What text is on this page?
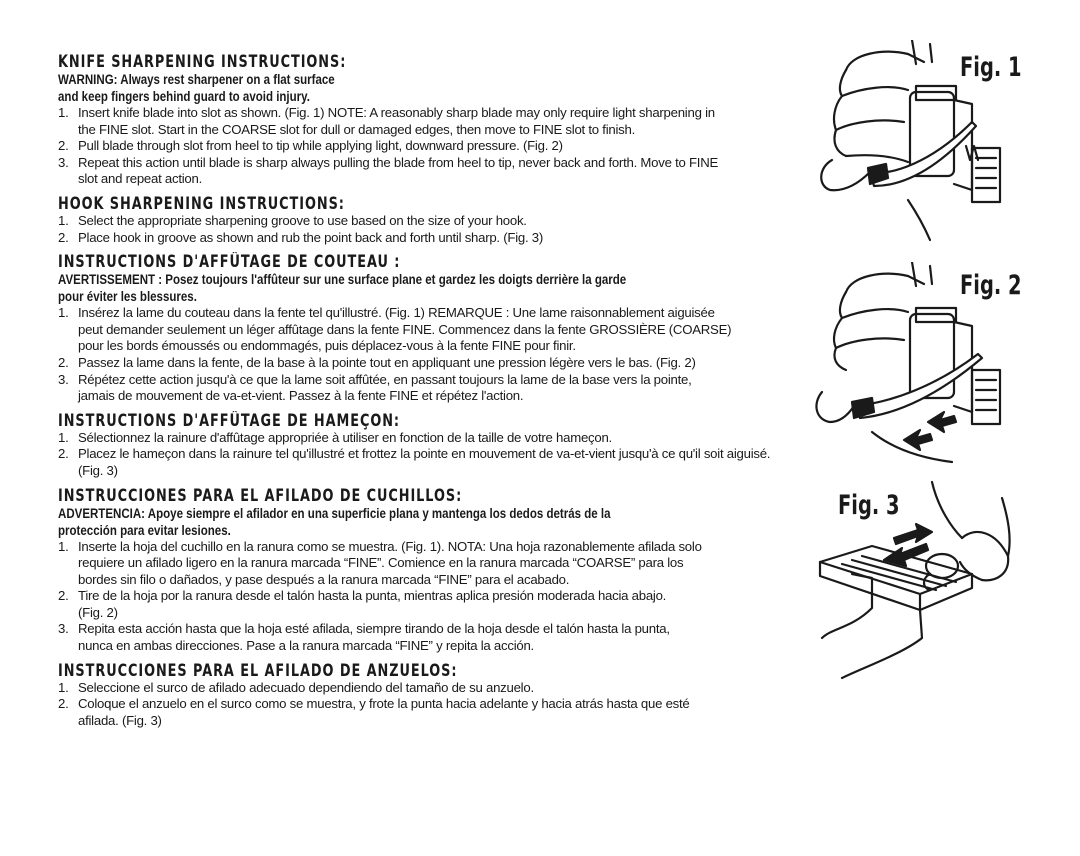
KNIFE SHARPENING INSTRUCTIONS:
WARNING: Always rest sharpener on a flat surface
and keep fingers behind guard to avoid injury.
1. Insert knife blade into slot as shown. (Fig. 1) NOTE: A reasonably sharp blade may only require light sharpening in
the FINE slot. Start in the COARSE slot for dull or damaged edges, then move to FINE slot to finish.
2. Pull blade through slot from heel to tip while applying light, downward pressure. (Fig. 2)
3. Repeat this action until blade is sharp always pulling the blade from heel to tip, never back and forth. Move to FINE
slot and repeat action.
HOOK SHARPENING INSTRUCTIONS:
1. Select the appropriate sharpening groove to use based on the size of your hook.
2. Place hook in groove as shown and rub the point back and forth until sharp. (Fig. 3)
INSTRUCTIONS D'AFFÛTAGE DE COUTEAU :
AVERTISSEMENT : Posez toujours l'affûteur sur une surface plane et gardez les doigts derrière la garde
pour éviter les blessures.
1. Insérez la lame du couteau dans la fente tel qu'illustré. (Fig. 1) REMARQUE : Une lame raisonnablement aiguisée
peut demander seulement un léger affûtage dans la fente FINE. Commencez dans la fente GROSSIÈRE (COARSE)
pour les bords émoussés ou endommagés, puis déplacez-vous à la fente FINE pour finir.
2. Passez la lame dans la fente, de la base à la pointe tout en appliquant une pression légère vers le bas. (Fig. 2)
3. Répétez cette action jusqu'à ce que la lame soit affûtée, en passant toujours la lame de la base vers la pointe,
jamais de mouvement de va-et-vient. Passez à la fente FINE et répétez l'action.
INSTRUCTIONS D'AFFÛTAGE DE HAMEÇON:
1. Sélectionnez la rainure d'affûtage appropriée à utiliser en fonction de la taille de votre hameçon.
2. Placez le hameçon dans la rainure tel qu'illustré et frottez la pointe en mouvement de va-et-vient jusqu'à ce qu'il soit aiguisé.
(Fig. 3)
INSTRUCCIONES PARA EL AFILADO DE CUCHILLOS:
ADVERTENCIA: Apoye siempre el afilador en una superficie plana y mantenga los dedos detrás de la
protección para evitar lesiones.
1. Inserte la hoja del cuchillo en la ranura como se muestra. (Fig. 1). NOTA: Una hoja razonablemente afilada solo
requiere un afilado ligero en la ranura marcada “FINE”. Comience en la ranura marcada “COARSE” para los
bordes sin filo o dañados, y pase después a la ranura marcada “FINE” para el acabado.
2. Tire de la hoja por la ranura desde el talón hasta la punta, mientras aplica presión moderada hacia abajo.
(Fig. 2)
3. Repita esta acción hasta que la hoja esté afilada, siempre tirando de la hoja desde el talón hasta la punta,
nunca en ambas direcciones. Pase a la ranura marcada “FINE” y repita la acción.
INSTRUCCIONES PARA EL AFILADO DE ANZUELOS:
1. Seleccione el surco de afilado adecuado dependiendo del tamaño de su anzuelo.
2. Coloque el anzuelo en el surco como se muestra, y frote la punta hacia adelante y hacia atrás hasta que esté
afilada. (Fig. 3)
Fig. 1
Fig. 2
Fig. 3
